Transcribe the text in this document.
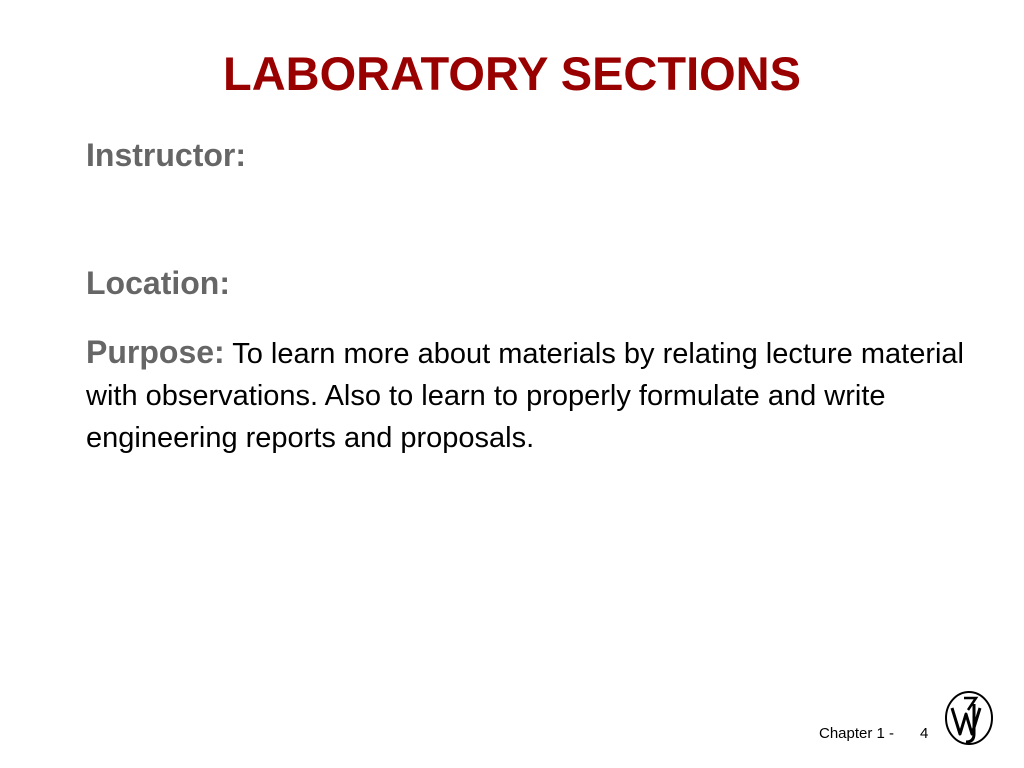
LABORATORY SECTIONS

Instructor:

Location:

Purpose: To learn more about materials by relating lecture material with observations. Also to learn to properly formulate and write engineering reports and proposals.

Chapter 1 - 4
